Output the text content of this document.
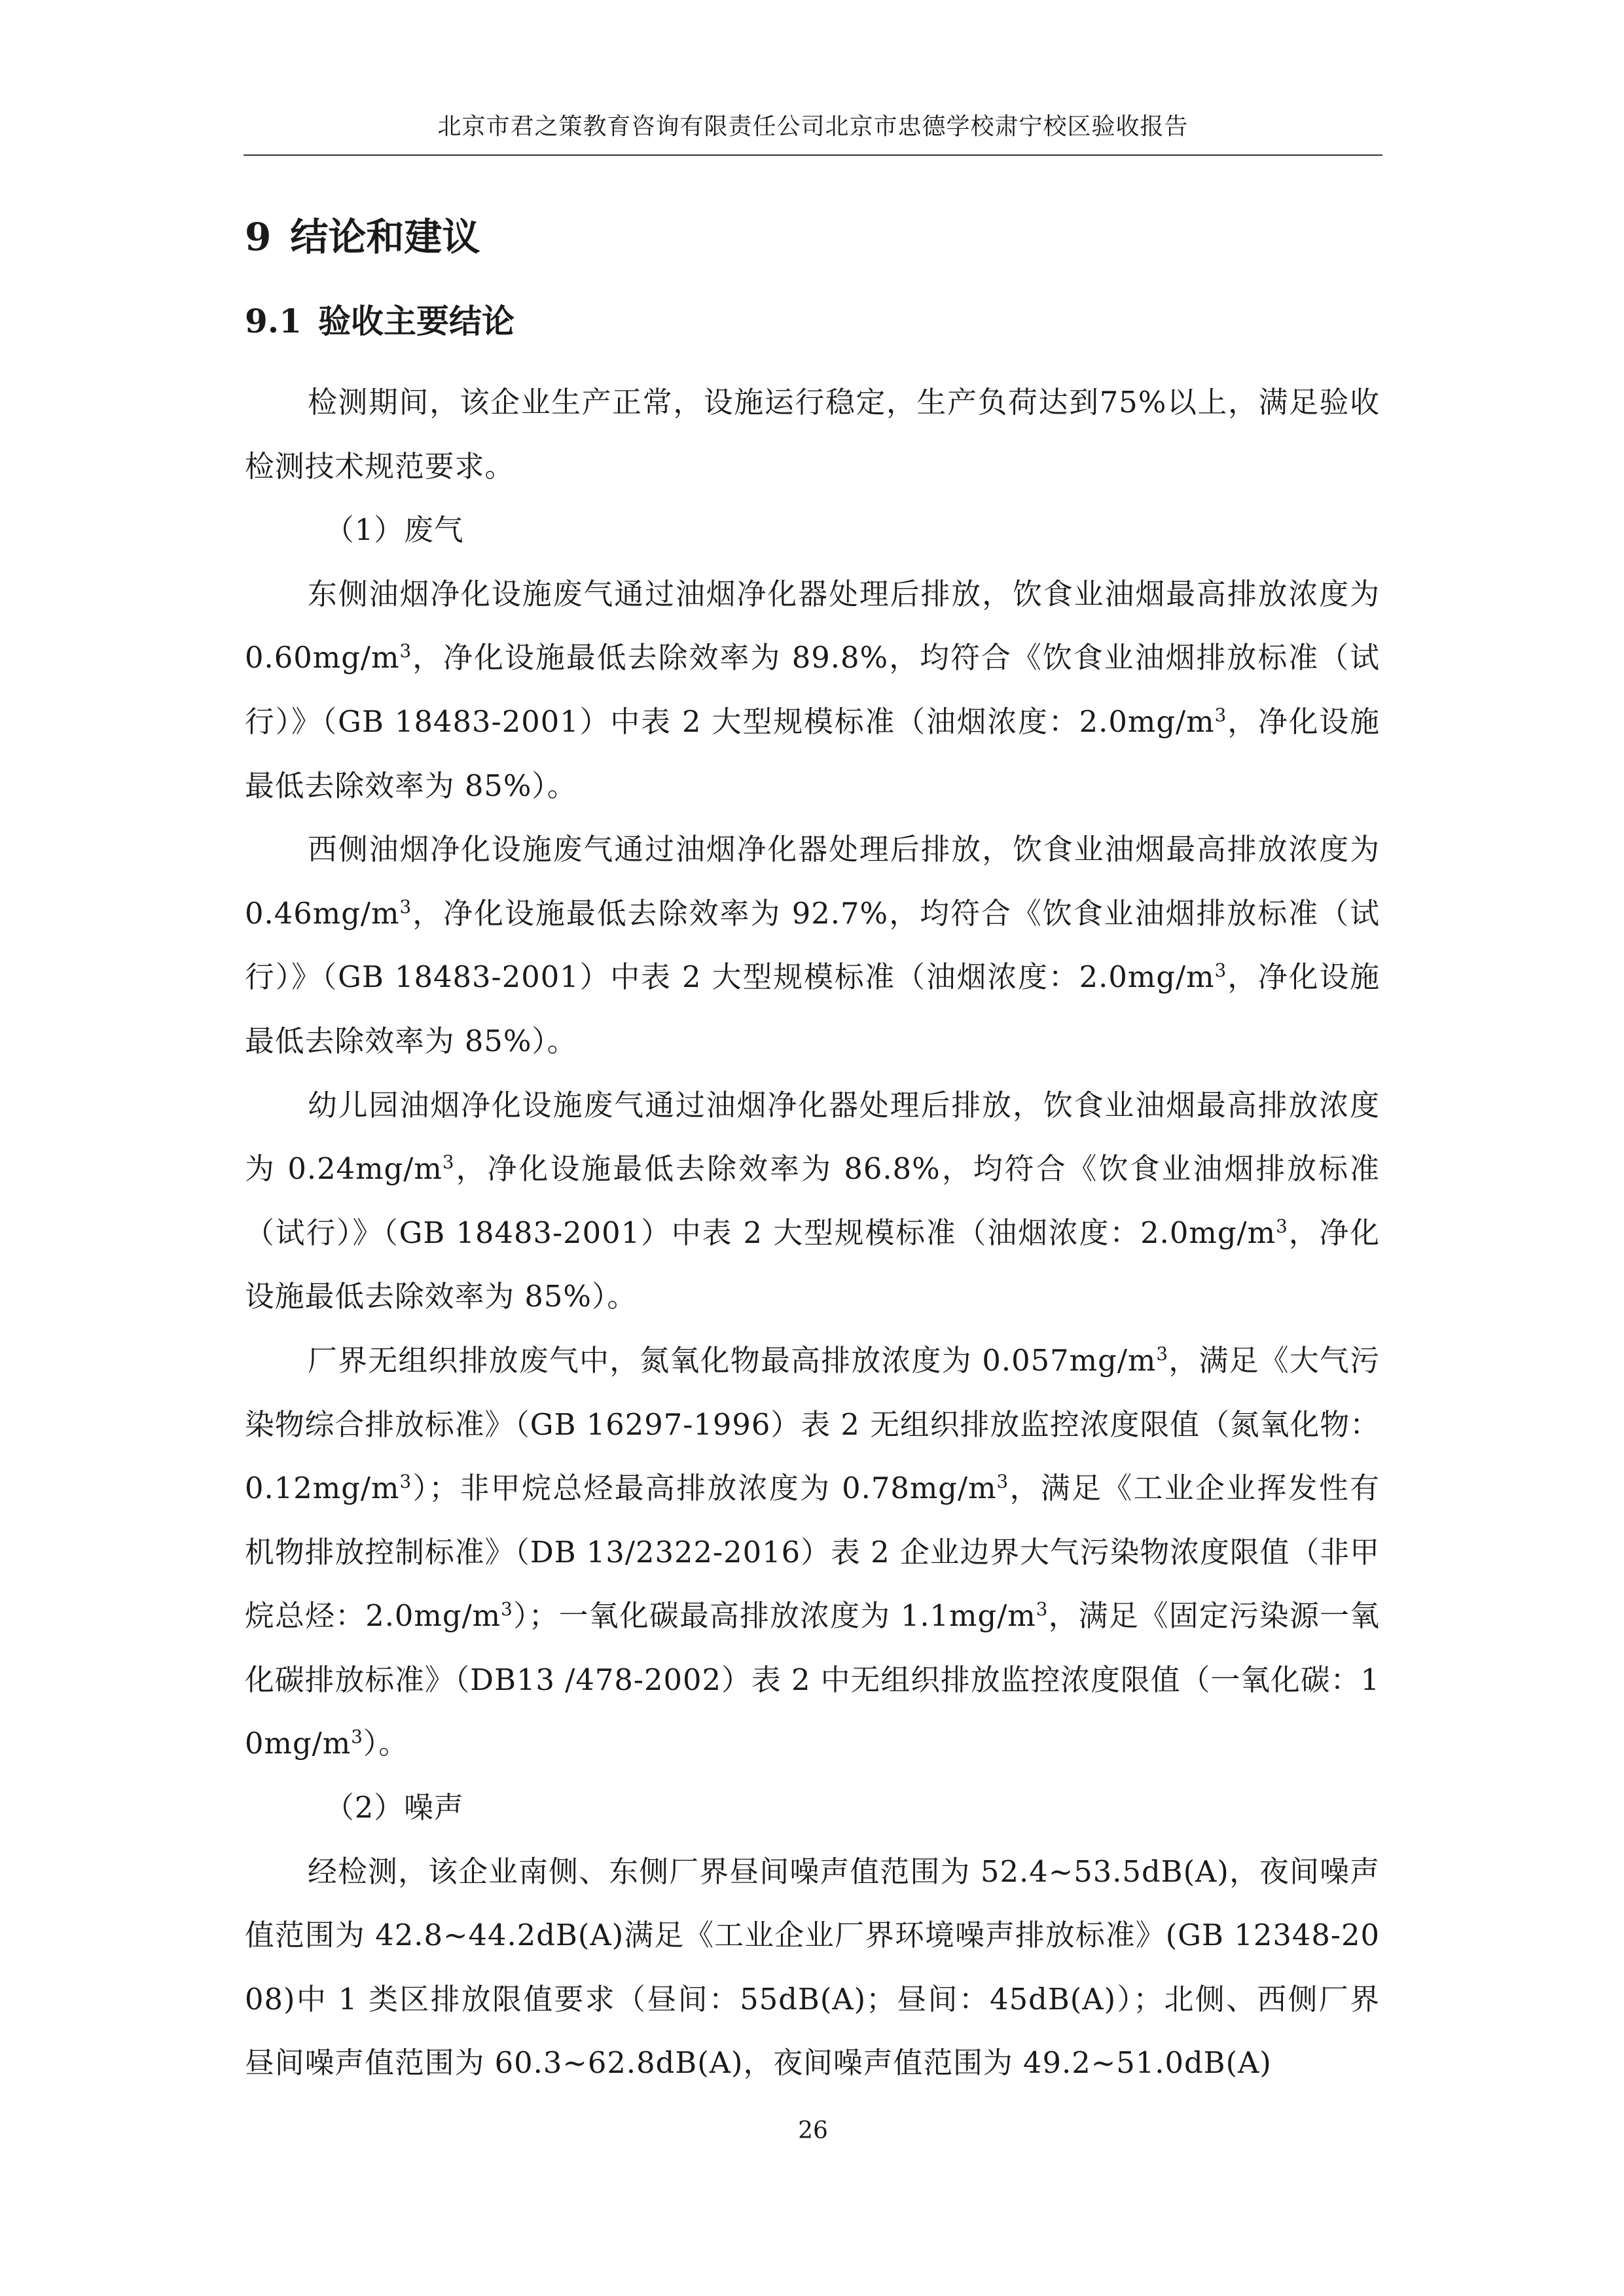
北京市君之策教育咨询有限责任公司北京市忠德学校肃宁校区验收报告
9  结论和建议
9.1  验收主要结论

检测期间，该企业生产正常，设施运行稳定，生产负荷达到75%以上，满足验收检测技术规范要求。

（1）废气

东侧油烟净化设施废气通过油烟净化器处理后排放，饮食业油烟最高排放浓度为 $0.60mg/m^3$，净化设施最低去除效率为 89.8%，均符合《饮食业油烟排放标准（试行）》（GB 18483-2001）中表 2 大型规模标准（油烟浓度：$2.0mg/m^3$，净化设施最低去除效率为 85%）。

西侧油烟净化设施废气通过油烟净化器处理后排放，饮食业油烟最高排放浓度为 $0.46mg/m^3$，净化设施最低去除效率为 92.7%，均符合《饮食业油烟排放标准（试行）》（GB 18483-2001）中表 2 大型规模标准（油烟浓度：$2.0mg/m^3$，净化设施最低去除效率为 85%）。

幼儿园油烟净化设施废气通过油烟净化器处理后排放，饮食业油烟最高排放浓度为 $0.24mg/m^3$，净化设施最低去除效率为 86.8%，均符合《饮食业油烟排放标准（试行）》（GB 18483-2001）中表 2 大型规模标准（油烟浓度：$2.0mg/m^3$，净化设施最低去除效率为 85%）。

厂界无组织排放废气中，氮氧化物最高排放浓度为 $0.057mg/m^3$，满足《大气污染物综合排放标准》（GB 16297-1996）表 2 无组织排放监控浓度限值（氮氧化物：$0.12mg/m^3$）；非甲烷总烃最高排放浓度为 $0.78mg/m^3$，满足《工业企业挥发性有机物排放控制标准》（DB 13/2322-2016）表 2 企业边界大气污染物浓度限值（非甲烷总烃：$2.0mg/m^3$）；一氧化碳最高排放浓度为 $1.1mg/m^3$，满足《固定污染源一氧化碳排放标准》（DB13 /478-2002）表 2 中无组织排放监控浓度限值（一氧化碳：$10mg/m^3$）。

（2）噪声

经检测，该企业南侧、东侧厂界昼间噪声值范围为 52.4~53.5dB(A)，夜间噪声值范围为 42.8~44.2dB(A)满足《工业企业厂界环境噪声排放标准》(GB 12348-2008)中 1 类区排放限值要求（昼间：55dB(A)；昼间：45dB(A)）；北侧、西侧厂界昼间噪声值范围为 60.3~62.8dB(A)，夜间噪声值范围为 49.2~51.0dB(A)

26
